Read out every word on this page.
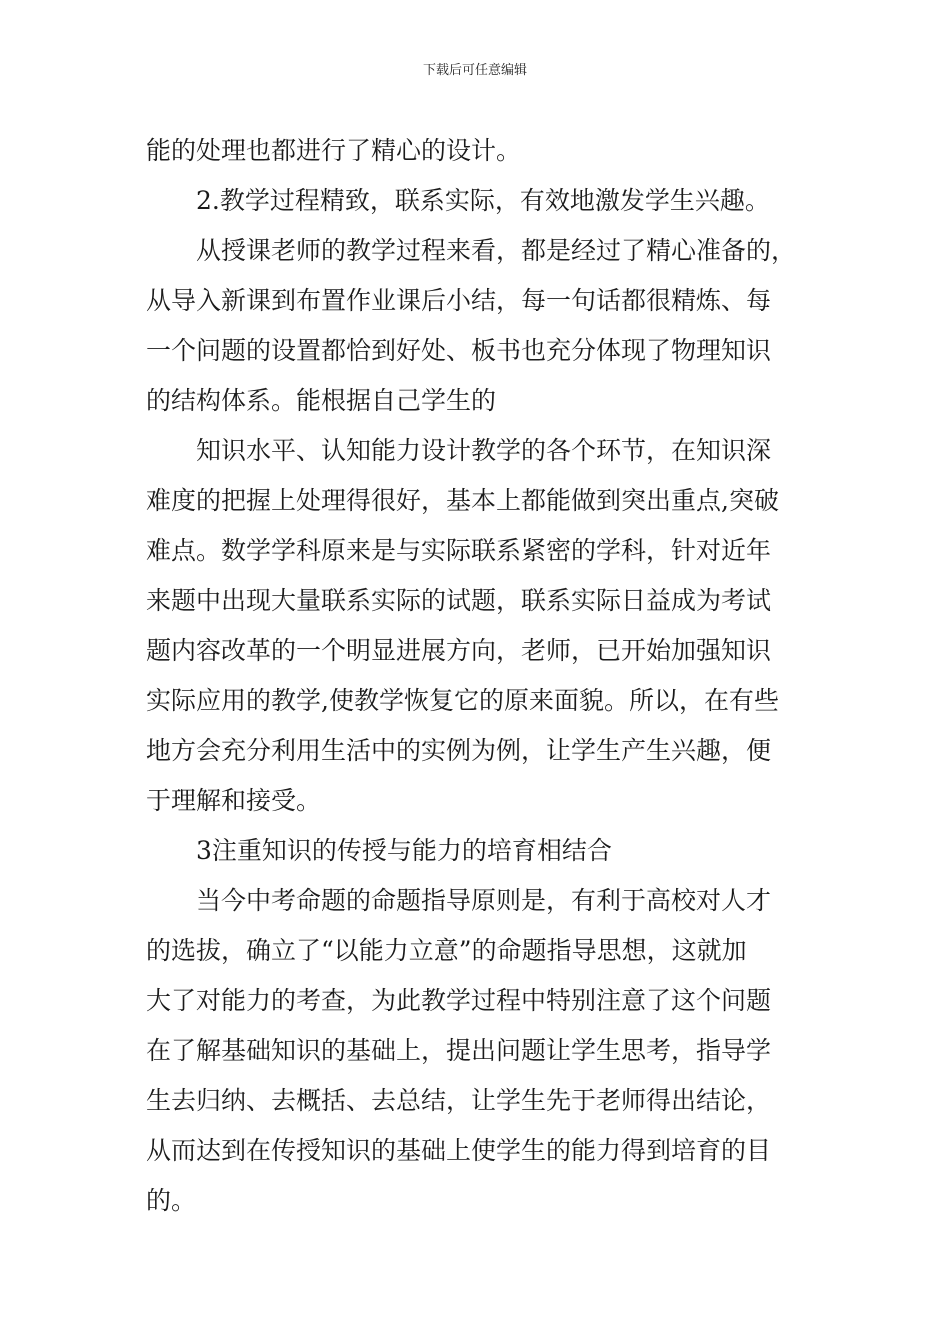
下载后可任意编辑
能的处理也都进行了精心的设计。
2.教学过程精致，联系实际，有效地激发学生兴趣。
从授课老师的教学过程来看，都是经过了精心准备的，
从导入新课到布置作业课后小结，每一句话都很精炼、每
一个问题的设置都恰到好处、板书也充分体现了物理知识
的结构体系。能根据自己学生的
知识水平、认知能力设计教学的各个环节，在知识深
难度的把握上处理得很好，基本上都能做到突出重点,突破
难点。数学学科原来是与实际联系紧密的学科，针对近年
来题中出现大量联系实际的试题，联系实际日益成为考试
题内容改革的一个明显进展方向，老师，已开始加强知识
实际应用的教学,使教学恢复它的原来面貌。所以，在有些
地方会充分利用生活中的实例为例，让学生产生兴趣，便
于理解和接受。
3注重知识的传授与能力的培育相结合
当今中考命题的命题指导原则是，有利于高校对人才
的选拔，确立了“以能力立意”的命题指导思想，这就加
大了对能力的考查，为此教学过程中特别注意了这个问题
在了解基础知识的基础上，提出问题让学生思考，指导学
生去归纳、去概括、去总结，让学生先于老师得出结论，
从而达到在传授知识的基础上使学生的能力得到培育的目
的。
